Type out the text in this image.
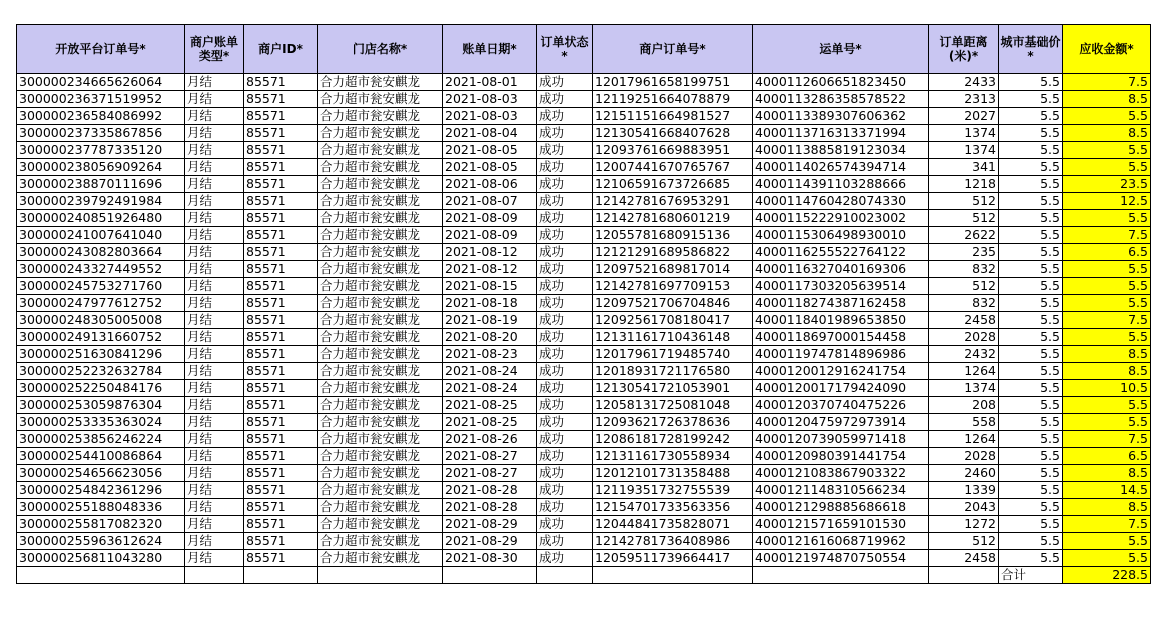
开放平台订单号*	商户账单类型*	商户ID*	门店名称*	账单日期*	订单状态*	商户订单号*	运单号*	订单距离(米)*	城市基础价*	应收金额*
300000234665626064	月结	85571	合力超市瓮安麒龙	2021-08-01	成功	12017961658199751	4000112606651823450	2433	5.5	7.5
300000236371519952	月结	85571	合力超市瓮安麒龙	2021-08-03	成功	12119251664078879	4000113286358578522	2313	5.5	8.5
300000236584086992	月结	85571	合力超市瓮安麒龙	2021-08-03	成功	12151151664981527	4000113389307606362	2027	5.5	5.5
300000237335867856	月结	85571	合力超市瓮安麒龙	2021-08-04	成功	12130541668407628	4000113716313371994	1374	5.5	8.5
300000237787335120	月结	85571	合力超市瓮安麒龙	2021-08-05	成功	12093761669883951	4000113885819123034	1374	5.5	5.5
300000238056909264	月结	85571	合力超市瓮安麒龙	2021-08-05	成功	12007441670765767	4000114026574394714	341	5.5	5.5
300000238870111696	月结	85571	合力超市瓮安麒龙	2021-08-06	成功	12106591673726685	4000114391103288666	1218	5.5	23.5
300000239792491984	月结	85571	合力超市瓮安麒龙	2021-08-07	成功	12142781676953291	4000114760428074330	512	5.5	12.5
300000240851926480	月结	85571	合力超市瓮安麒龙	2021-08-09	成功	12142781680601219	4000115222910023002	512	5.5	5.5
300000241007641040	月结	85571	合力超市瓮安麒龙	2021-08-09	成功	12055781680915136	4000115306498930010	2622	5.5	7.5
300000243082803664	月结	85571	合力超市瓮安麒龙	2021-08-12	成功	12121291689586822	4000116255522764122	235	5.5	6.5
300000243327449552	月结	85571	合力超市瓮安麒龙	2021-08-12	成功	12097521689817014	4000116327040169306	832	5.5	5.5
300000245753271760	月结	85571	合力超市瓮安麒龙	2021-08-15	成功	12142781697709153	4000117303205639514	512	5.5	5.5
300000247977612752	月结	85571	合力超市瓮安麒龙	2021-08-18	成功	12097521706704846	4000118274387162458	832	5.5	5.5
300000248305005008	月结	85571	合力超市瓮安麒龙	2021-08-19	成功	12092561708180417	4000118401989653850	2458	5.5	7.5
300000249131660752	月结	85571	合力超市瓮安麒龙	2021-08-20	成功	12131161710436148	4000118697000154458	2028	5.5	5.5
300000251630841296	月结	85571	合力超市瓮安麒龙	2021-08-23	成功	12017961719485740	4000119747814896986	2432	5.5	8.5
300000252232632784	月结	85571	合力超市瓮安麒龙	2021-08-24	成功	12018931721176580	4000120012916241754	1264	5.5	8.5
300000252250484176	月结	85571	合力超市瓮安麒龙	2021-08-24	成功	12130541721053901	4000120017179424090	1374	5.5	10.5
300000253059876304	月结	85571	合力超市瓮安麒龙	2021-08-25	成功	12058131725081048	4000120370740475226	208	5.5	5.5
300000253335363024	月结	85571	合力超市瓮安麒龙	2021-08-25	成功	12093621726378636	4000120475972973914	558	5.5	5.5
300000253856246224	月结	85571	合力超市瓮安麒龙	2021-08-26	成功	12086181728199242	4000120739059971418	1264	5.5	7.5
300000254410086864	月结	85571	合力超市瓮安麒龙	2021-08-27	成功	12131161730558934	4000120980391441754	2028	5.5	6.5
300000254656623056	月结	85571	合力超市瓮安麒龙	2021-08-27	成功	12012101731358488	4000121083867903322	2460	5.5	8.5
300000254842361296	月结	85571	合力超市瓮安麒龙	2021-08-28	成功	12119351732755539	4000121148310566234	1339	5.5	14.5
300000255188048336	月结	85571	合力超市瓮安麒龙	2021-08-28	成功	12154701733563356	4000121298885686618	2043	5.5	8.5
300000255817082320	月结	85571	合力超市瓮安麒龙	2021-08-29	成功	12044841735828071	4000121571659101530	1272	5.5	7.5
300000255963612624	月结	85571	合力超市瓮安麒龙	2021-08-29	成功	12142781736408986	4000121616068719962	512	5.5	5.5
300000256811043280	月结	85571	合力超市瓮安麒龙	2021-08-30	成功	12059511739664417	4000121974870750554	2458	5.5	5.5
									合计	228.5
